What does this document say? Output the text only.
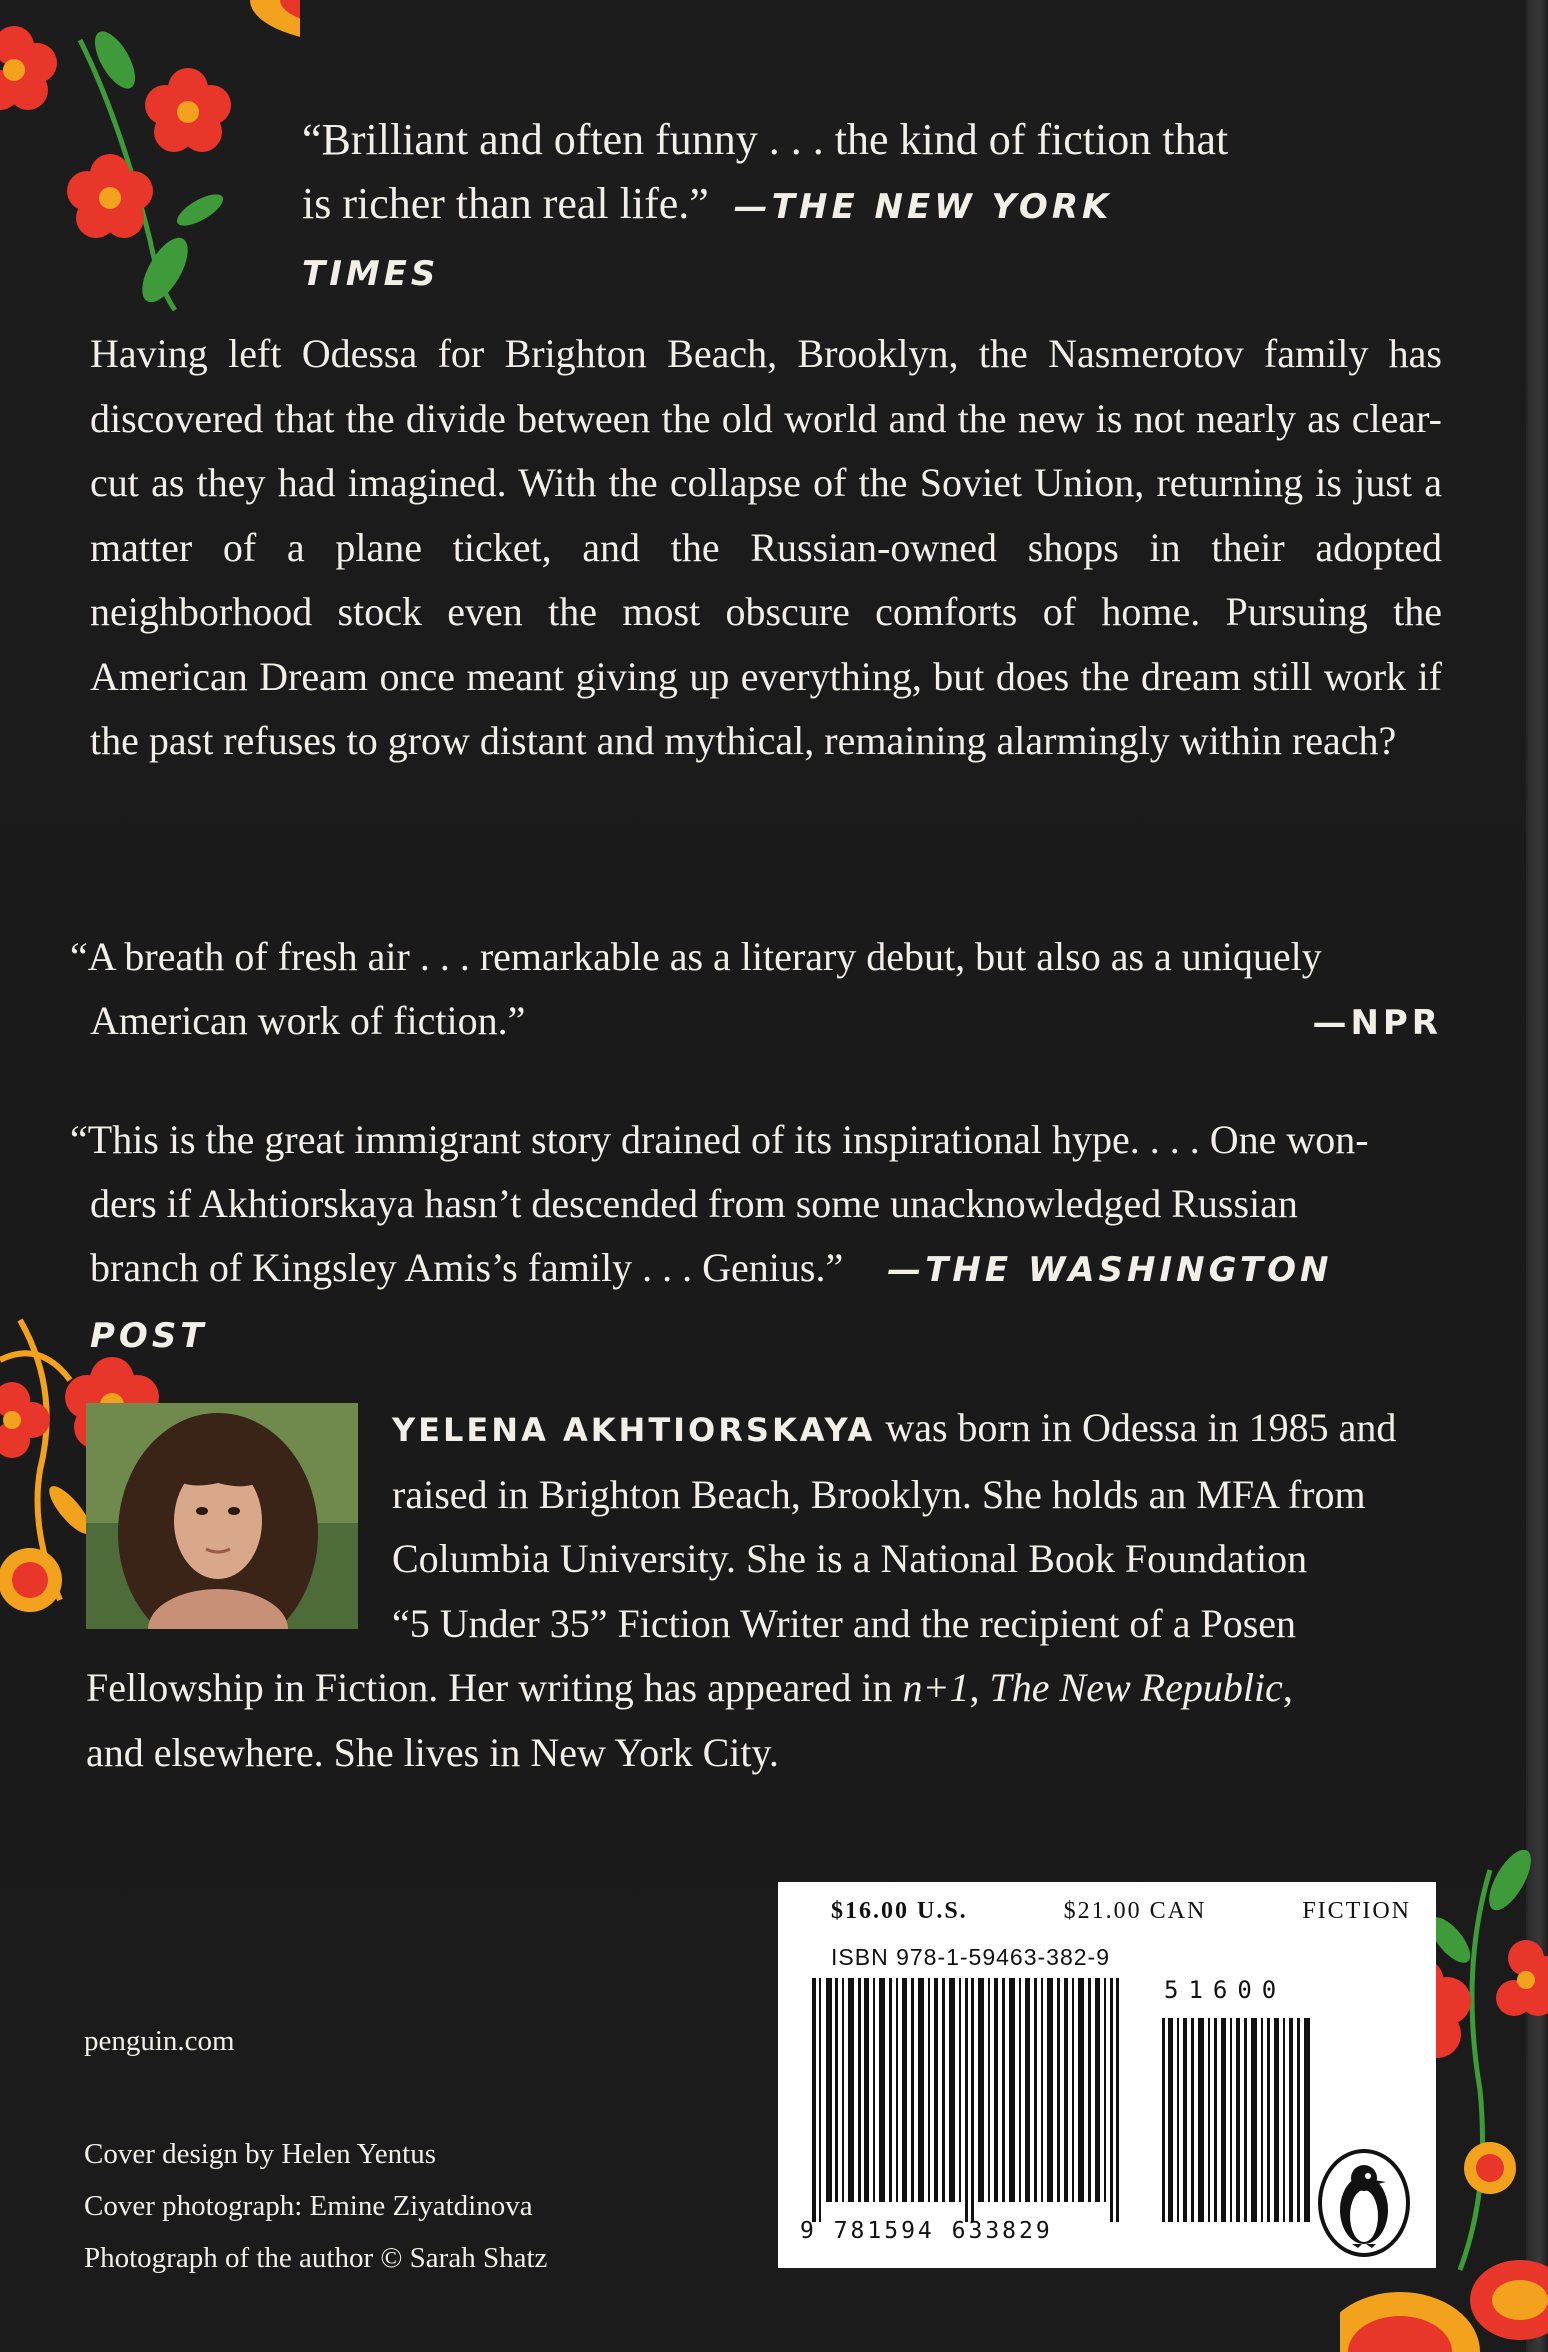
“Brilliant and often funny . . . the kind of fiction that
is richer than real life.” —THE NEW YORK TIMES

Having left Odessa for Brighton Beach, Brooklyn, the Nasmerotov family has discovered that the divide between the old world and the new is not nearly as clear-cut as they had imagined. With the collapse of the Soviet Union, returning is just a matter of a plane ticket, and the Russian-owned shops in their adopted neighborhood stock even the most obscure comforts of home. Pursuing the American Dream once meant giving up everything, but does the dream still work if the past refuses to grow distant and mythical, remaining alarmingly within reach?

“A breath of fresh air . . . remarkable as a literary debut, but also as a uniquely
American work of fiction.”	—NPR
“This is the great immigrant story drained of its inspirational hype. . . . One won-
ders if Akhtiorskaya hasn’t descended from some unacknowledged Russian
branch of Kingsley Amis’s family . . . Genius.” —THE WASHINGTON POST
YELENA AKHTIORSKAYA was born in Odessa in 1985 and
raised in Brighton Beach, Brooklyn. She holds an MFA from
Columbia University. She is a National Book Foundation
“5 Under 35” Fiction Writer and the recipient of a Posen
Fellowship in Fiction. Her writing has appeared in n+1, The New Republic,
and elsewhere. She lives in New York City.
penguin.com
Cover design by Helen Yentus
Cover photograph: Emine Ziyatdinova
Photograph of the author © Sarah Shatz
$16.00 U.S.	$21.00 CAN	FICTION
ISBN 978-1-59463-382-9
51600
9 781594 633829
